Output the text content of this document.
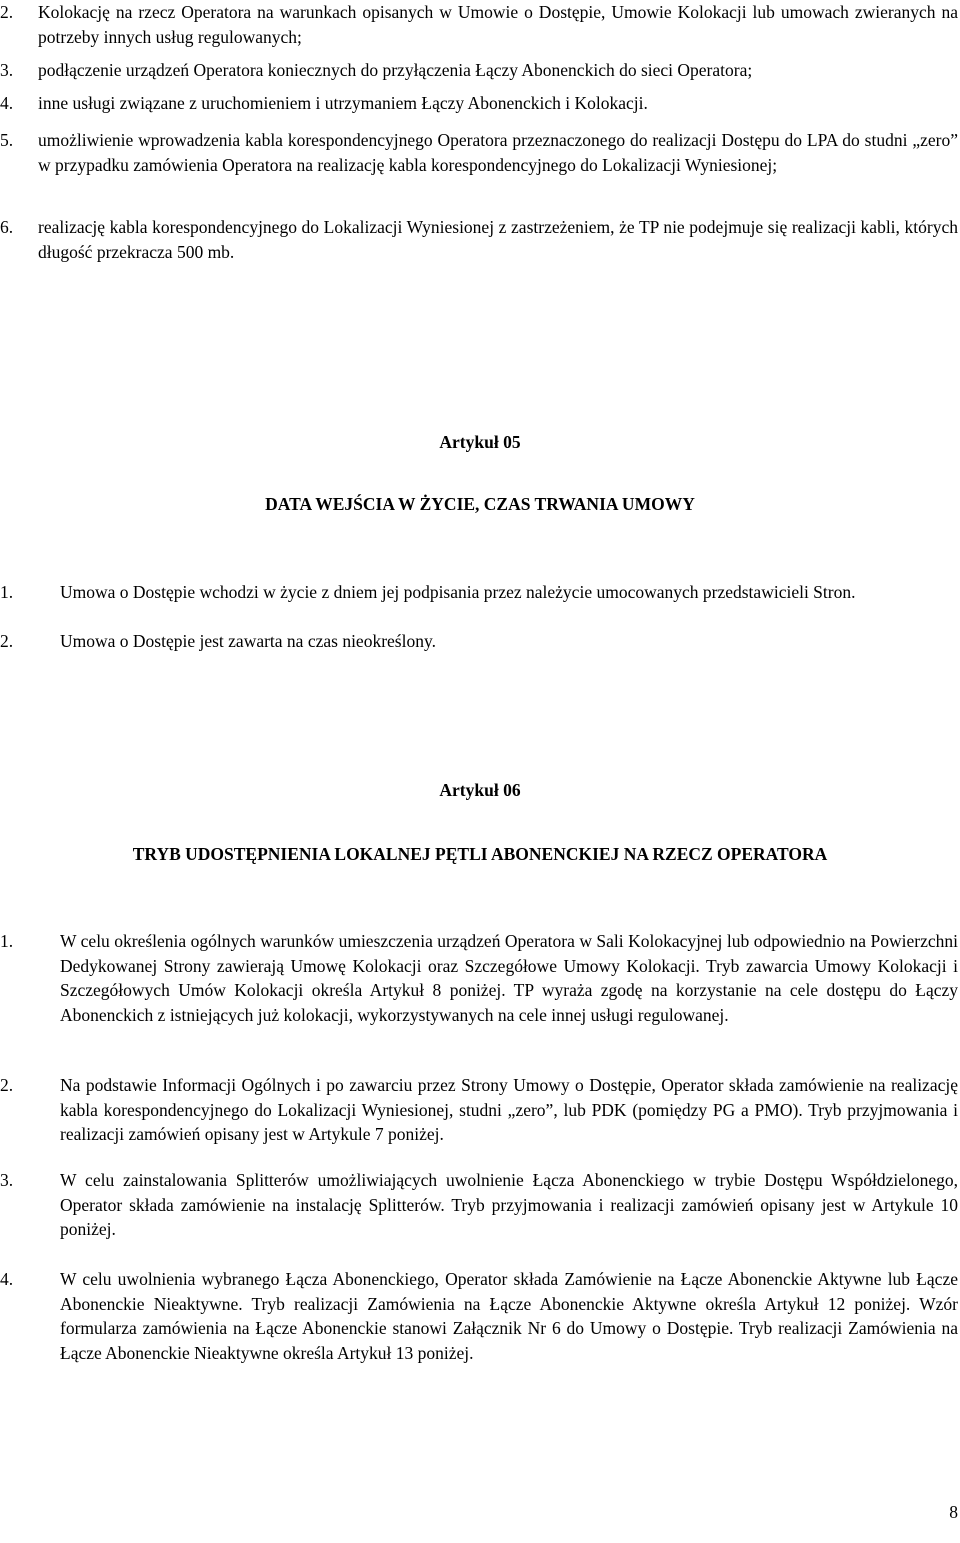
2.	Kolokację na rzecz Operatora na warunkach opisanych w Umowie o Dostępie, Umowie Kolokacji lub umowach zwieranych na potrzeby innych usług regulowanych;
3.	podłączenie urządzeń Operatora koniecznych do przyłączenia Łączy Abonenckich do sieci Operatora;
4.	inne usługi związane z uruchomieniem i utrzymaniem Łączy Abonenckich i Kolokacji.
5.	umożliwienie wprowadzenia kabla korespondencyjnego Operatora przeznaczonego do realizacji Dostępu do LPA do studni „zero” w przypadku zamówienia Operatora na realizację kabla korespondencyjnego do Lokalizacji Wyniesionej;
6.	realizację kabla korespondencyjnego do Lokalizacji Wyniesionej z zastrzeżeniem, że TP nie podejmuje się realizacji kabli, których długość przekracza 500 mb.
Artykuł 05
DATA WEJŚCIA W ŻYCIE, CZAS TRWANIA UMOWY
1.	Umowa o Dostępie wchodzi w życie z dniem jej podpisania przez należycie umocowanych przedstawicieli Stron.
2.	Umowa o Dostępie jest zawarta na czas nieokreślony.
Artykuł 06
TRYB UDOSTĘPNIENIA LOKALNEJ PĘTLI ABONENCKIEJ NA RZECZ OPERATORA
1.	W celu określenia ogólnych warunków umieszczenia urządzeń Operatora w Sali Kolokacyjnej lub odpowiednio na Powierzchni Dedykowanej Strony zawierają Umowę Kolokacji oraz Szczegółowe Umowy Kolokacji. Tryb zawarcia Umowy Kolokacji i Szczegółowych Umów Kolokacji określa Artykuł 8 poniżej. TP wyraża zgodę na korzystanie na cele dostępu do Łączy Abonenckich z istniejących już kolokacji, wykorzystywanych na cele innej usługi regulowanej.
2.	Na podstawie Informacji Ogólnych i po zawarciu przez Strony Umowy o Dostępie, Operator składa zamówienie na realizację kabla korespondencyjnego do Lokalizacji Wyniesionej, studni „zero”, lub PDK (pomiędzy PG a PMO). Tryb przyjmowania i realizacji zamówień opisany jest w Artykule 7 poniżej.
3.	W celu zainstalowania Splitterów umożliwiających uwolnienie Łącza Abonenckiego w trybie Dostępu Współdzielonego, Operator składa zamówienie na instalację Splitterów. Tryb przyjmowania i realizacji zamówień opisany jest w Artykule 10 poniżej.
4.	W celu uwolnienia wybranego Łącza Abonenckiego, Operator składa Zamówienie na Łącze Abonenckie Aktywne lub Łącze Abonenckie Nieaktywne. Tryb realizacji Zamówienia na Łącze Abonenckie Aktywne określa Artykuł 12 poniżej. Wzór formularza zamówienia na Łącze Abonenckie stanowi Załącznik Nr 6 do Umowy o Dostępie. Tryb realizacji Zamówienia na Łącze Abonenckie Nieaktywne określa Artykuł 13 poniżej.
8
